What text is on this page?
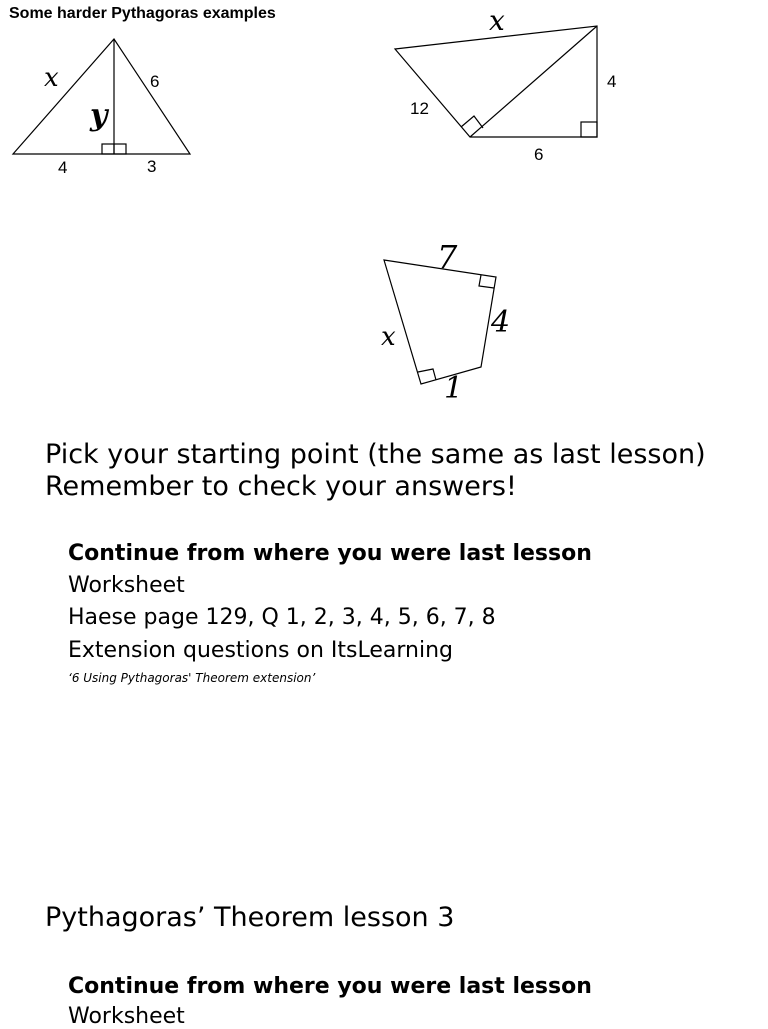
Some harder Pythagoras examples
x
y
6
4	3
x
12
4
6
7
4
x
1
Pick your starting point (the same as last lesson)
Remember to check your answers!
Continue from where you were last lesson
Worksheet
Haese page 129, Q 1, 2, 3, 4, 5, 6, 7, 8
Extension questions on ItsLearning
‘6 Using Pythagoras' Theorem extension’
Pythagoras’ Theorem lesson 3
Continue from where you were last lesson
Worksheet
